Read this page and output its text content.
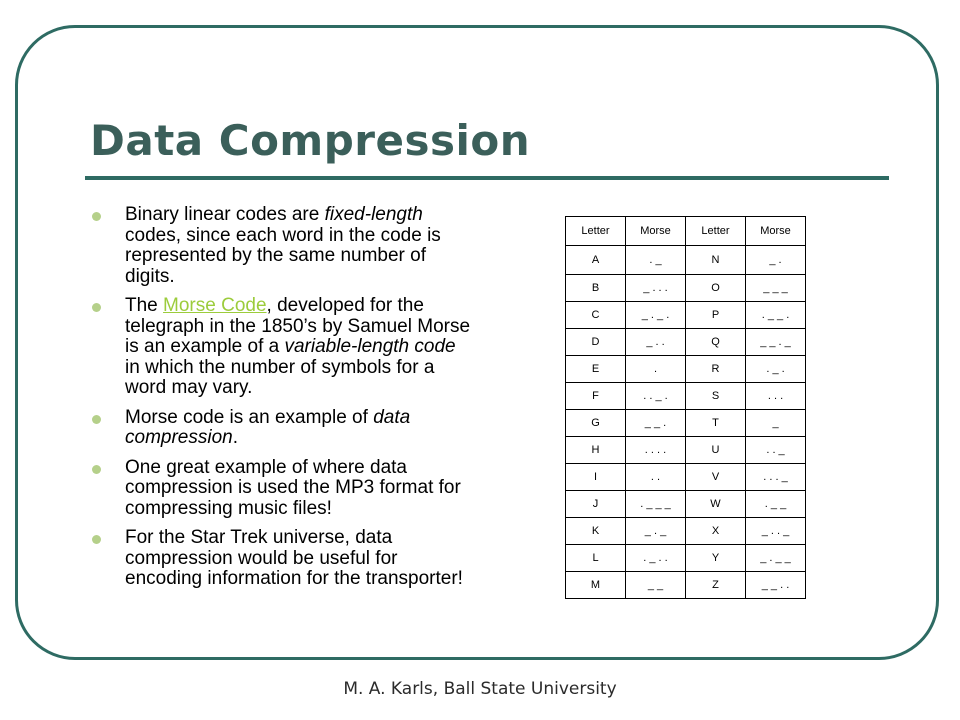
Data Compression
Binary linear codes are fixed-length codes, since each word in the code is represented by the same number of digits.
The Morse Code, developed for the telegraph in the 1850’s by Samuel Morse is an example of a variable-length code in which the number of symbols for a word may vary.
Morse code is an example of data compression.
One great example of where data compression is used the MP3 format for compressing music files!
For the Star Trek universe, data compression would be useful for encoding information for the transporter!
Letter	Morse	Letter	Morse
A	. _	N	_ .
B	_ . . .	O	_ _ _
C	_ . _ .	P	. _ _ .
D	_ . .	Q	_ _ . _
E	.	R	. _ .
F	. . _ .	S	. . .
G	_ _ .	T	_
H	. . . .	U	. . _
I	. .	V	. . . _
J	. _ _ _	W	. _ _
K	_ . _	X	_ . . _
L	. _ . .	Y	_ . _ _
M	_ _	Z	_ _ . .

M. A. Karls, Ball State University
